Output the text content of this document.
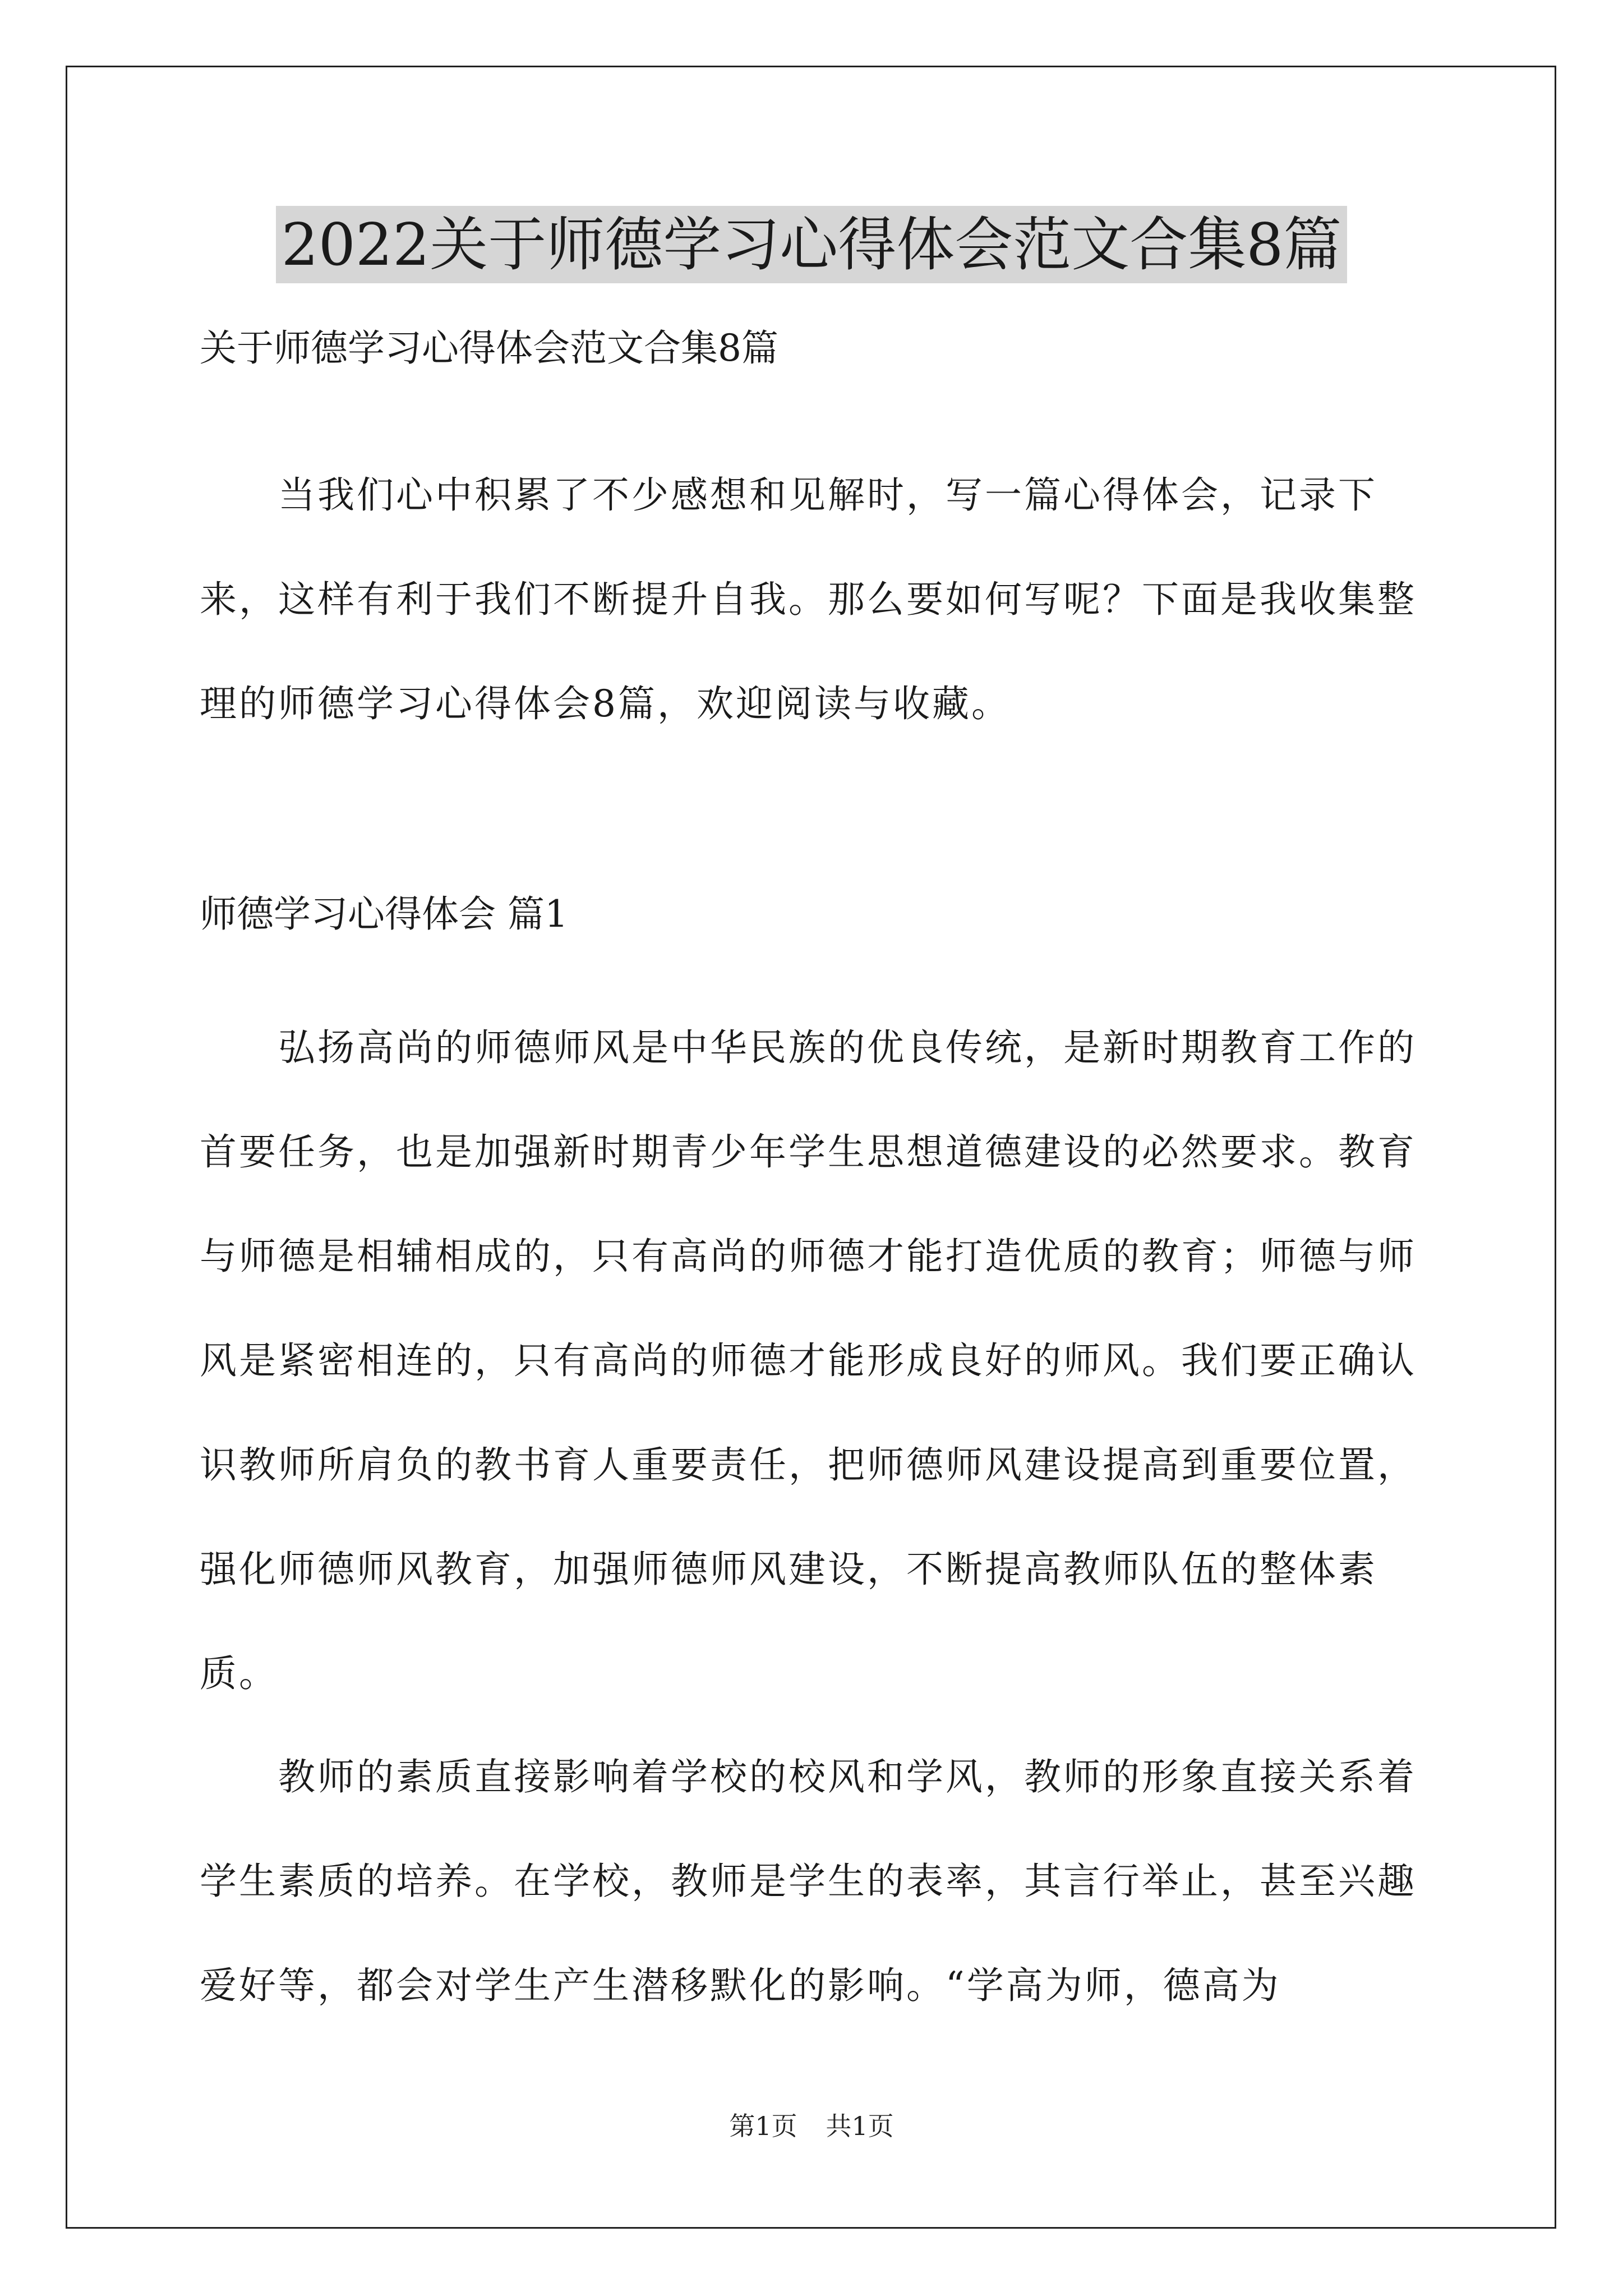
2022关于师德学习心得体会范文合集8篇
关于师德学习心得体会范文合集8篇

当我们心中积累了不少感想和见解时，写一篇心得体会，记录下来，这样有利于我们不断提升自我。那么要如何写呢？下面是我收集整理的师德学习心得体会8篇，欢迎阅读与收藏。

师德学习心得体会 篇1

弘扬高尚的师德师风是中华民族的优良传统，是新时期教育工作的首要任务，也是加强新时期青少年学生思想道德建设的必然要求。教育与师德是相辅相成的，只有高尚的师德才能打造优质的教育；师德与师风是紧密相连的，只有高尚的师德才能形成良好的师风。我们要正确认识教师所肩负的教书育人重要责任，把师德师风建设提高到重要位置，强化师德师风教育，加强师德师风建设，不断提高教师队伍的整体素质。

教师的素质直接影响着学校的校风和学风，教师的形象直接关系着学生素质的培养。在学校，教师是学生的表率，其言行举止，甚至兴趣爱好等，都会对学生产生潜移默化的影响。“学高为师，德高为

第1页 共1页
